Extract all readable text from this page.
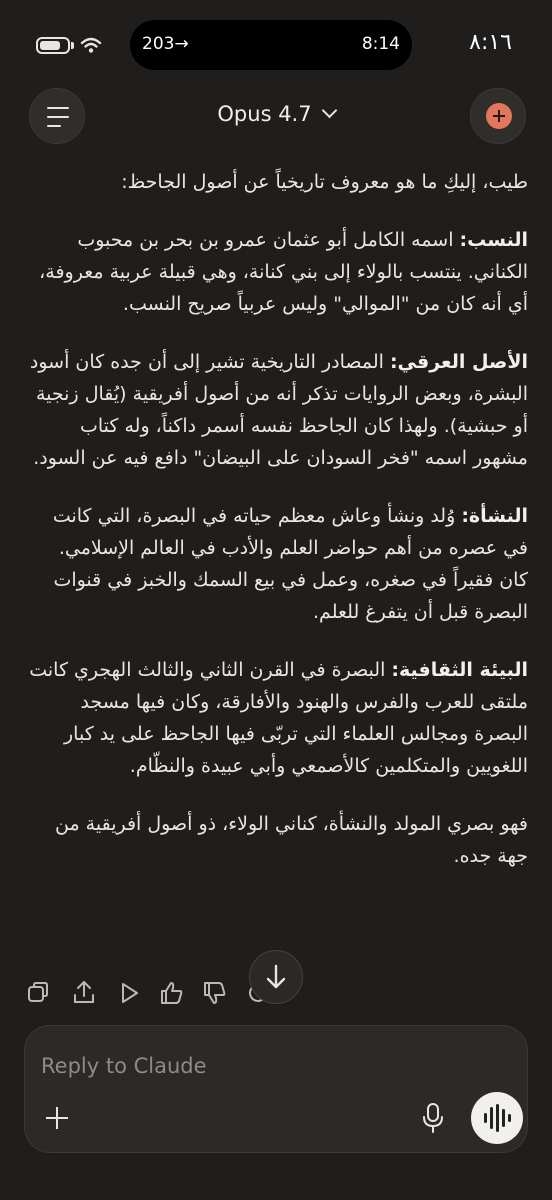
203→	8:14	٨:١٦
Opus 4.7

طيب، إليكِ ما هو معروف تاريخياً عن أصول الجاحظ:

النسب: اسمه الكامل أبو عثمان عمرو بن بحر بن محبوب الكناني. ينتسب بالولاء إلى بني كنانة، وهي قبيلة عربية معروفة، أي أنه كان من "الموالي" وليس عربياً صريح النسب.

الأصل العرقي: المصادر التاريخية تشير إلى أن جده كان أسود البشرة، وبعض الروايات تذكر أنه من أصول أفريقية (يُقال زنجية أو حبشية). ولهذا كان الجاحظ نفسه أسمر داكناً، وله كتاب مشهور اسمه "فخر السودان على البيضان" دافع فيه عن السود.

النشأة: وُلد ونشأ وعاش معظم حياته في البصرة، التي كانت في عصره من أهم حواضر العلم والأدب في العالم الإسلامي. كان فقيراً في صغره، وعمل في بيع السمك والخبز في قنوات البصرة قبل أن يتفرغ للعلم.

البيئة الثقافية: البصرة في القرن الثاني والثالث الهجري كانت ملتقى للعرب والفرس والهنود والأفارقة، وكان فيها مسجد البصرة ومجالس العلماء التي تربّى فيها الجاحظ على يد كبار اللغويين والمتكلمين كالأصمعي وأبي عبيدة والنظّام.

فهو بصري المولد والنشأة، كناني الولاء، ذو أصول أفريقية من جهة جده.

Reply to Claude
